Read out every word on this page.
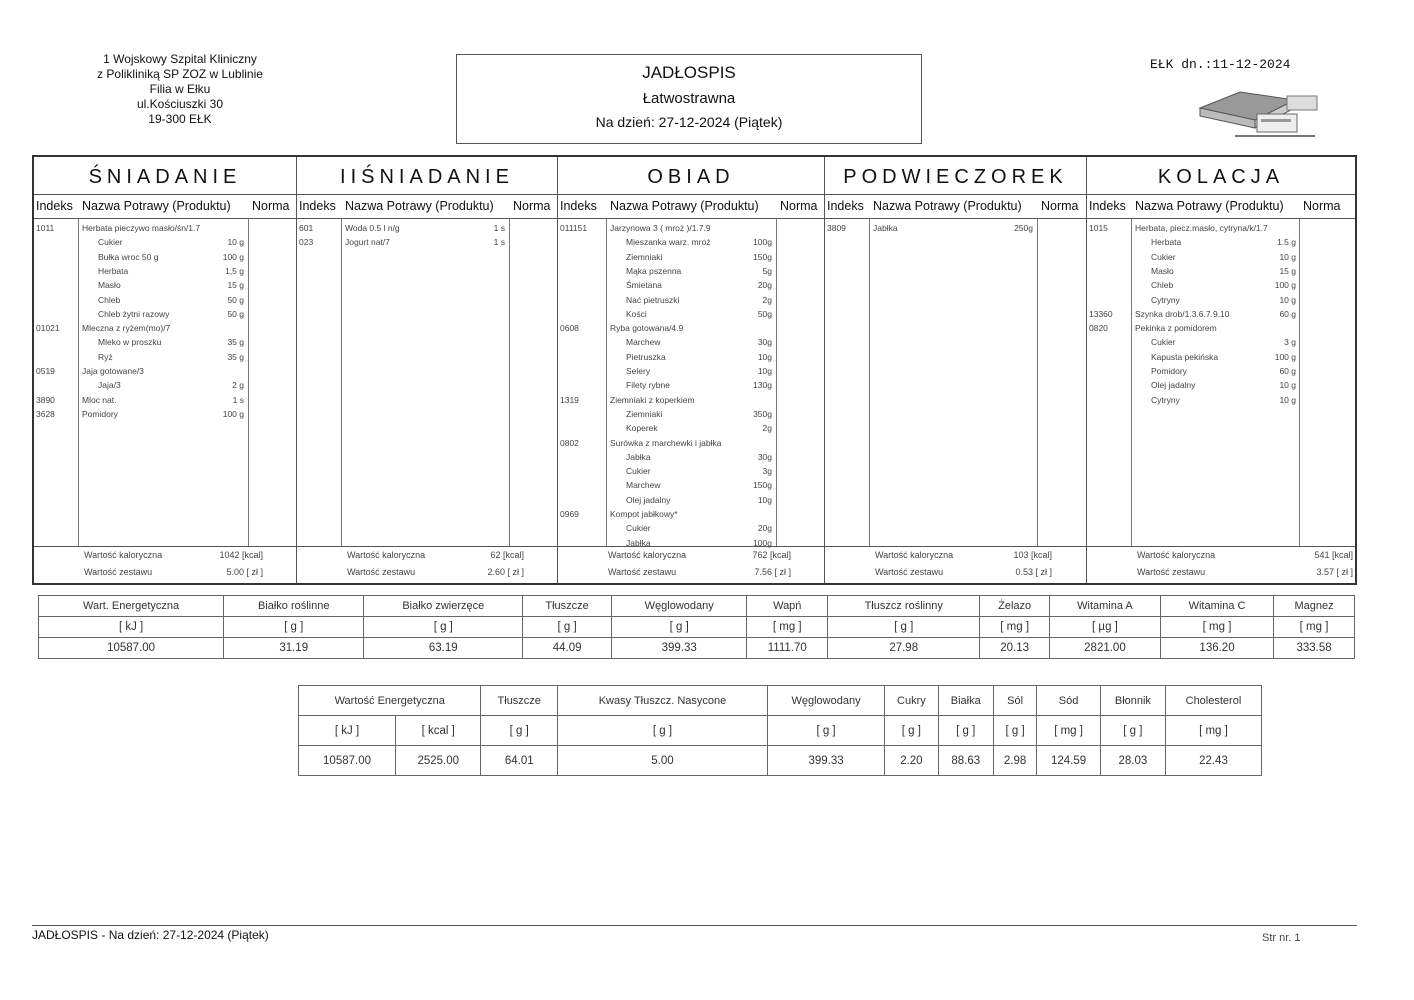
1 Wojskowy Szpital Kliniczny
z Polikliniką SP ZOZ w Lublinie
Filia w Ełku
ul.Kościuszki 30
19-300 EŁK
JADŁOSPIS
Łatwostrawna
Na dzień: 27-12-2024 (Piątek)
EŁK dn.:11-12-2024
ŚNIADANIE
Indeks Nazwa Potrawy (Produktu) Norma
1011	Herbata pieczywo masło/śn/1.7
Cukier	10 g
Bułka wroc 50 g	100 g
Herbata	1,5 g
Masło	15 g
Chleb	50 g
Chleb żytni razowy	50 g
01021	Mleczna z ryżem(mo)/7
Mleko w proszku	35 g
Ryż	35 g
0519	Jaja gotowane/3
Jaja/3	2 g
3890	Mloc nat.	1 s
3628	Pomidory	100 g
Wartość kaloryczna	1042 [kcal]
Wartość zestawu	5.00 [ zł ]
IIŚNIADANIE
Indeks Nazwa Potrawy (Produktu) Norma
601	Woda 0.5 l n/g	1 s
023	Jogurt nat/7	1 s
Wartość kaloryczna	62 [kcal]
Wartość zestawu	2.60 [ zł ]
OBIAD
Indeks Nazwa Potrawy (Produktu) Norma
011151	Jarzynowa 3 ( mroż )/1.7.9
Mieszanka warz. mroż	100g
Ziemniaki	150g
Mąka pszenna	5g
Śmietana	20g
Nać pietruszki	2g
Kości	50g
0608	Ryba gotowana/4.9
Marchew	30g
Pietruszka	10g
Selery	10g
Filety rybne	130g
1319	Ziemniaki z koperkiem
Ziemniaki	350g
Koperek	2g
0802	Surówka z marchewki i jabłka
Jabłka	30g
Cukier	3g
Marchew	150g
Olej jadalny	10g
0969	Kompot jabłkowy*
Cukier	20g
Jabłka	100g
Wartość kaloryczna	762 [kcal]
Wartość zestawu	7.56 [ zł ]
PODWIECZOREK
Indeks Nazwa Potrawy (Produktu) Norma
3809	Jabłka	250g
Wartość kaloryczna	103 [kcal]
Wartość zestawu	0.53 [ zł ]
KOLACJA
Indeks Nazwa Potrawy (Produktu) Norma
1015	Herbata, piecz.masło, cytryna/k/1.7
Herbata	1.5 g
Cukier	10 g
Masło	15 g
Chleb	100 g
Cytryny	10 g
13360	Szynka drob/1.3.6.7.9.10	60 g
0820	Pekinka z pomidorem
Cukier	3 g
Kapusta pekińska	100 g
Pomidory	60 g
Olej jadalny	10 g
Cytryny	10 g
Wartość kaloryczna	541 [kcal]
Wartość zestawu	3.57 [ zł ]
Wart. Energetyczna	Białko roślinne	Białko zwierzęce	Tłuszcze	Węglowodany	Wapń	Tłuszcz roślinny	Żelazo	Witamina A	Witamina C	Magnez
[ kJ ]	[ g ]	[ g ]	[ g ]	[ g ]	[ mg ]	[ g ]	[ mg ]	[ µg ]	[ mg ]	[ mg ]
10587.00	31.19	63.19	44.09	399.33	1111.70	27.98	20.13	2821.00	136.20	333.58
Wartość Energetyczna		Tłuszcze	Kwasy Tłuszcz. Nasycone	Węglowodany	Cukry	Białka	Sól	Sód	Błonnik	Cholesterol
[ kJ ]	[ kcal ]	[ g ]	[ g ]	[ g ]	[ g ]	[ g ]	[ g ]	[ mg ]	[ g ]	[ mg ]
10587.00	2525.00	64.01	5.00	399.33	2.20	88.63	2.98	124.59	28.03	22.43
JADŁOSPIS - Na dzień: 27-12-2024 (Piątek)	Str nr. 1
